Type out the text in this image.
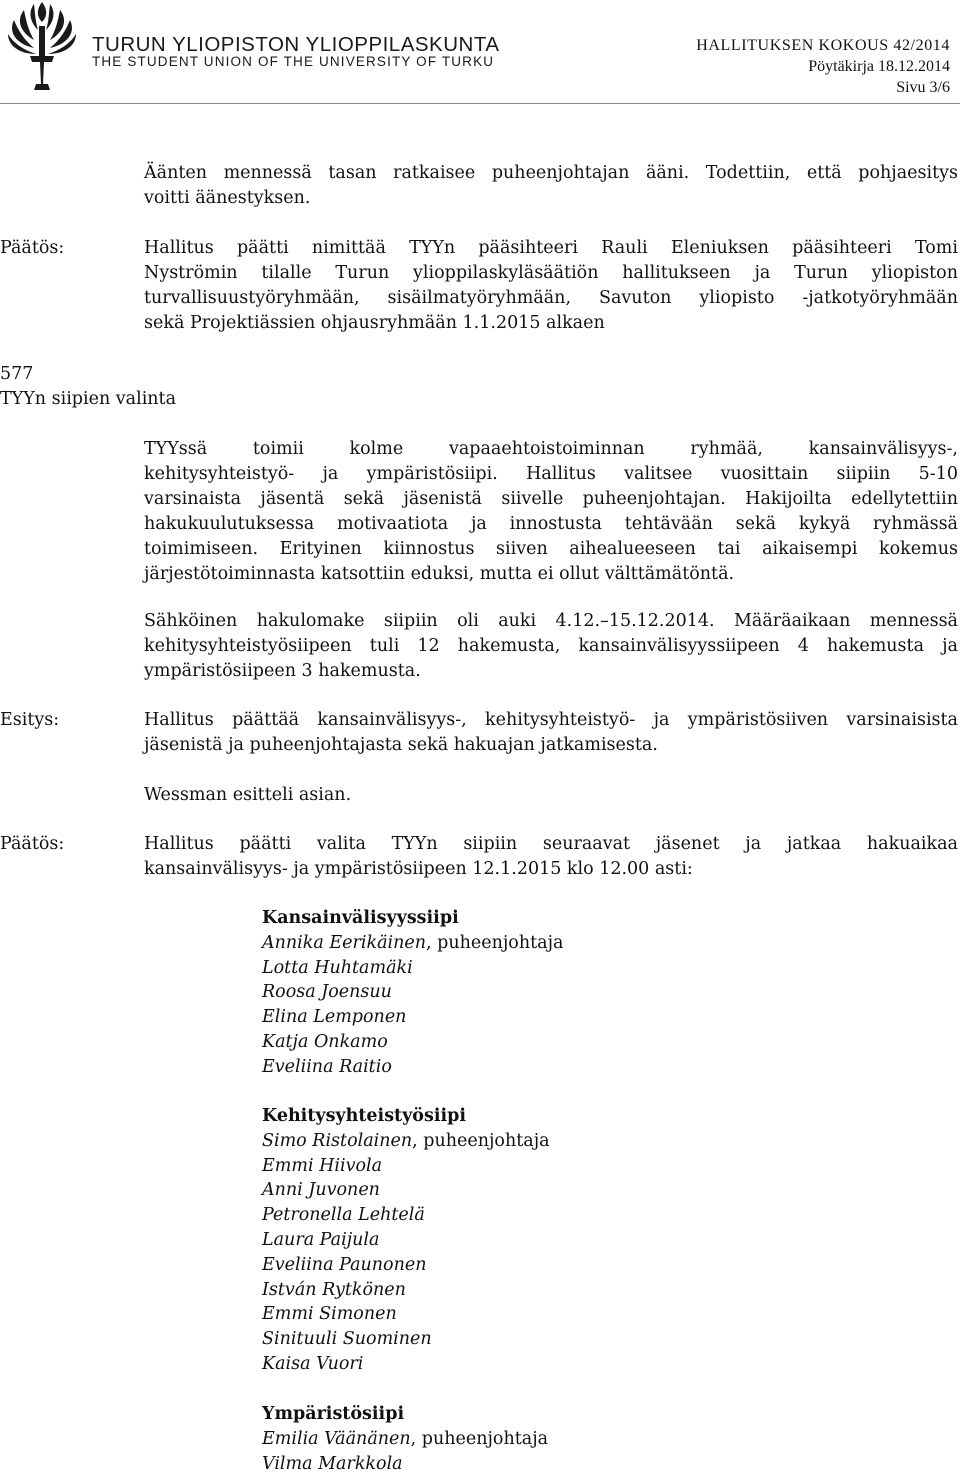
TURUN YLIOPISTON YLIOPPILASKUNTA
THE STUDENT UNION OF THE UNIVERSITY OF TURKU
HALLITUKSEN KOKOUS 42/2014
Pöytäkirja 18.12.2014
Sivu 3/6
Äänten mennessä tasan ratkaisee puheenjohtajan ääni. Todettiin, että pohjaesitys
voitti äänestyksen.
Päätös:	Hallitus päätti nimittää TYYn pääsihteeri Rauli Eleniuksen pääsihteeri Tomi
Nyströmin tilalle Turun ylioppilaskyläsäätiön hallitukseen ja Turun yliopiston
turvallisuustyöryhmään, sisäilmatyöryhmään, Savuton yliopisto -jatkotyöryhmään
sekä Projektiässien ohjausryhmään 1.1.2015 alkaen
577
TYYn siipien valinta
TYYssä toimii kolme vapaaehtoistoiminnan ryhmää, kansainvälisyys-,
kehitysyhteistyö- ja ympäristösiipi. Hallitus valitsee vuosittain siipiin 5-10
varsinaista jäsentä sekä jäsenistä siivelle puheenjohtajan. Hakijoilta edellytettiin
hakukuulutuksessa motivaatiota ja innostusta tehtävään sekä kykyä ryhmässä
toimimiseen. Erityinen kiinnostus siiven aihealueeseen tai aikaisempi kokemus
järjestötoiminnasta katsottiin eduksi, mutta ei ollut välttämätöntä.
Sähköinen hakulomake siipiin oli auki 4.12.–15.12.2014. Määräaikaan mennessä
kehitysyhteistyösiipeen tuli 12 hakemusta, kansainvälisyyssiipeen 4 hakemusta ja
ympäristösiipeen 3 hakemusta.
Esitys:	Hallitus päättää kansainvälisyys-, kehitysyhteistyö- ja ympäristösiiven varsinaisista
jäsenistä ja puheenjohtajasta sekä hakuajan jatkamisesta.
Wessman esitteli asian.
Päätös:	Hallitus päätti valita TYYn siipiin seuraavat jäsenet ja jatkaa hakuaikaa
kansainvälisyys- ja ympäristösiipeen 12.1.2015 klo 12.00 asti:
Kansainvälisyyssiipi
Annika Eerikäinen, puheenjohtaja
Lotta Huhtamäki
Roosa Joensuu
Elina Lemponen
Katja Onkamo
Eveliina Raitio
Kehitysyhteistyösiipi
Simo Ristolainen, puheenjohtaja
Emmi Hiivola
Anni Juvonen
Petronella Lehtelä
Laura Paijula
Eveliina Paunonen
István Rytkönen
Emmi Simonen
Sinituuli Suominen
Kaisa Vuori
Ympäristösiipi
Emilia Väänänen, puheenjohtaja
Vilma Markkola
